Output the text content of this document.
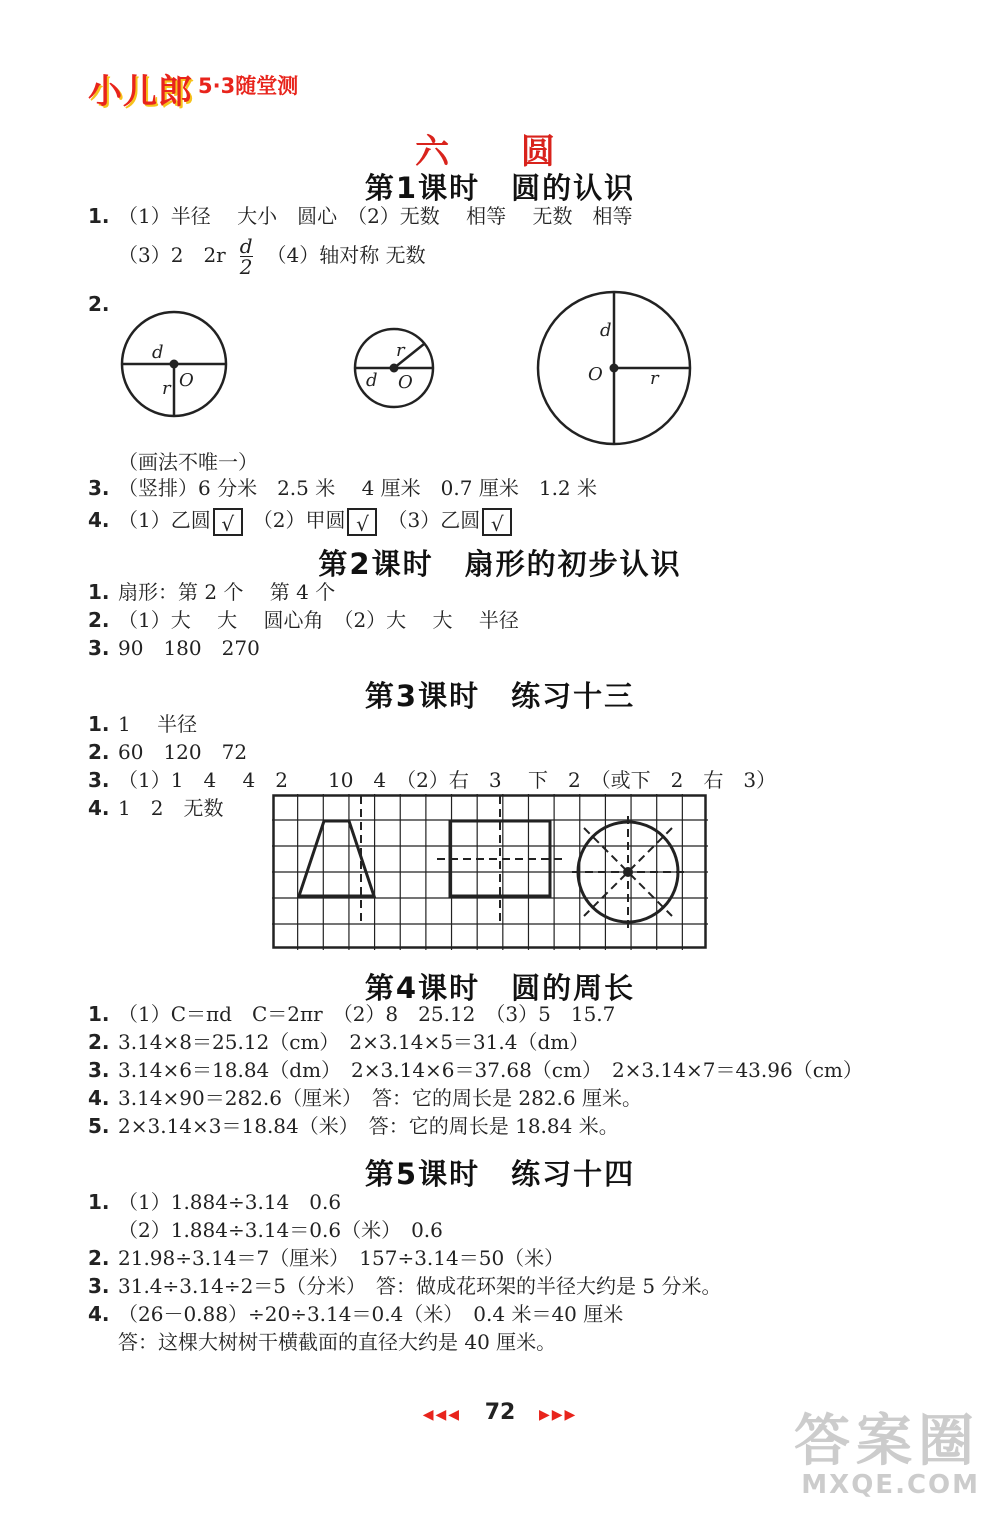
小儿郎 5·3随堂测
六 圆
第1课时　圆的认识
1. （1）半径　 大小　圆心　（2）无数　 相等　 无数　相等
（3）2　$2r \frac{d}{2} (4)$轴对称 无数
2.
d
r O
r
d O
d
O	r
（画法不唯一）
3. （竖排）6 分米　2.5 米　 4 厘米　0.7 厘米　1.2 米
4. （1）乙圆 √　 （2）甲圆 √　 （3）乙圆 √
第2课时　扇形的初步认识
1. 扇形：第 2 个　 第 4 个
2. （1）大　 大　 圆心角　（2）大　 大　 半径
3. 90　180　270
第3课时　练习十三
1. 1　 半径
2. 60　120　72
3. （1）1　4　 4　2　　10　4　（2）右　3　 下　2　（或下　2　右　3）
4. 1　2　无数
第4课时　圆的周长
1. （1）C＝πd　C＝2πr　（2）8　25.12　（3）5　15.7
2. 3.14×8＝25.12（cm）　2×3.14×5＝31.4（dm）
3. 3.14×6＝18.84（dm）　2×3.14×6＝37.68（cm）　2×3.14×7＝43.96（cm）
4. 3.14×90＝282.6（厘米）　答：它的周长是 282.6 厘米。
5. 2×3.14×3＝18.84（米）　答：它的周长是 18.84 米。
第5课时　练习十四
1. （1）1.884÷3.14　0.6
（2）1.884÷3.14＝0.6（米）　0.6
2. 21.98÷3.14＝7（厘米）　157÷3.14＝50（米）
3. 31.4÷3.14÷2＝5（分米）　答：做成花环架的半径大约是 5 分米。
4. （26－0.88）÷20÷3.14＝0.4（米）　0.4 米＝40 厘米
答：这棵大树树干横截面的直径大约是 40 厘米。
◀◀◀ 72 ▶▶▶	答案圈
MXQE.COM
